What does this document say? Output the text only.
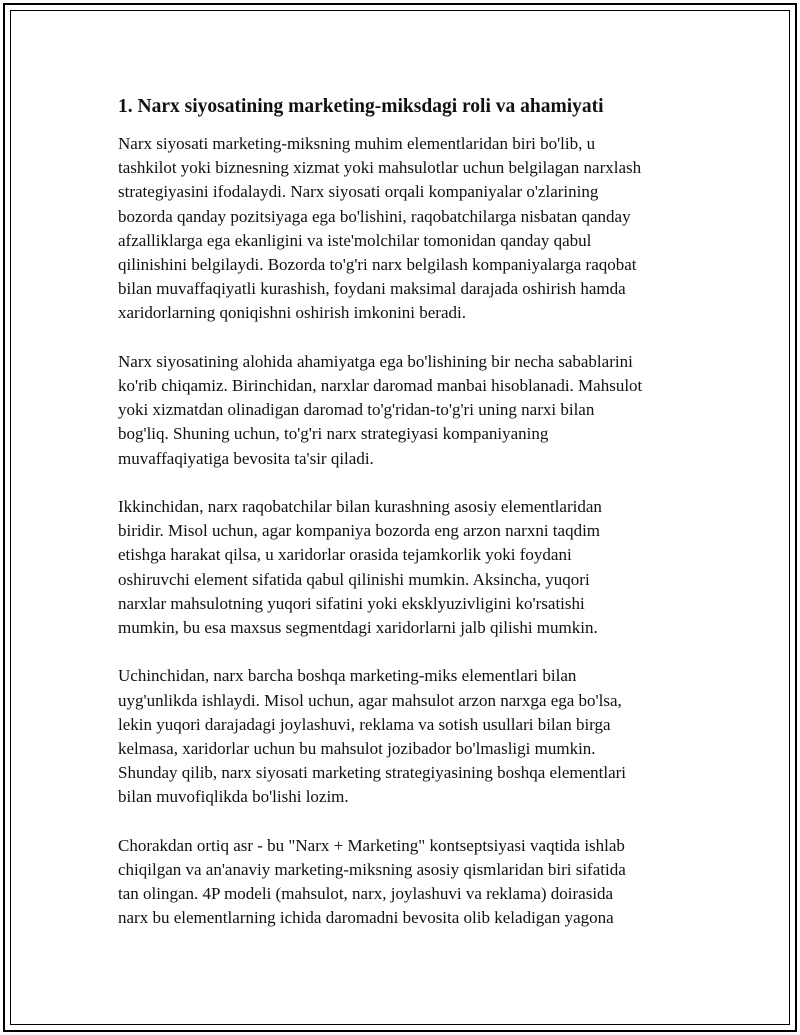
1. Narx siyosatining marketing-miksdagi roli va ahamiyati

Narx siyosati marketing-miksning muhim elementlaridan biri bo'lib, u
tashkilot yoki biznesning xizmat yoki mahsulotlar uchun belgilagan narxlash
strategiyasini ifodalaydi. Narx siyosati orqali kompaniyalar o'zlarining
bozorda qanday pozitsiyaga ega bo'lishini, raqobatchilarga nisbatan qanday
afzalliklarga ega ekanligini va iste'molchilar tomonidan qanday qabul
qilinishini belgilaydi. Bozorda to'g'ri narx belgilash kompaniyalarga raqobat
bilan muvaffaqiyatli kurashish, foydani maksimal darajada oshirish hamda
xaridorlarning qoniqishni oshirish imkonini beradi.

Narx siyosatining alohida ahamiyatga ega bo'lishining bir necha sabablarini
ko'rib chiqamiz. Birinchidan, narxlar daromad manbai hisoblanadi. Mahsulot
yoki xizmatdan olinadigan daromad to'g'ridan-to'g'ri uning narxi bilan
bog'liq. Shuning uchun, to'g'ri narx strategiyasi kompaniyaning
muvaffaqiyatiga bevosita ta'sir qiladi.

Ikkinchidan, narx raqobatchilar bilan kurashning asosiy elementlaridan
biridir. Misol uchun, agar kompaniya bozorda eng arzon narxni taqdim
etishga harakat qilsa, u xaridorlar orasida tejamkorlik yoki foydani
oshiruvchi element sifatida qabul qilinishi mumkin. Aksincha, yuqori
narxlar mahsulotning yuqori sifatini yoki eksklyuzivligini ko'rsatishi
mumkin, bu esa maxsus segmentdagi xaridorlarni jalb qilishi mumkin.

Uchinchidan, narx barcha boshqa marketing-miks elementlari bilan
uyg'unlikda ishlaydi. Misol uchun, agar mahsulot arzon narxga ega bo'lsa,
lekin yuqori darajadagi joylashuvi, reklama va sotish usullari bilan birga
kelmasa, xaridorlar uchun bu mahsulot jozibador bo'lmasligi mumkin.
Shunday qilib, narx siyosati marketing strategiyasining boshqa elementlari
bilan muvofiqlikda bo'lishi lozim.

Chorakdan ortiq asr - bu "Narx + Marketing" kontseptsiyasi vaqtida ishlab
chiqilgan va an'anaviy marketing-miksning asosiy qismlaridan biri sifatida
tan olingan. 4P modeli (mahsulot, narx, joylashuvi va reklama) doirasida
narx bu elementlarning ichida daromadni bevosita olib keladigan yagona
